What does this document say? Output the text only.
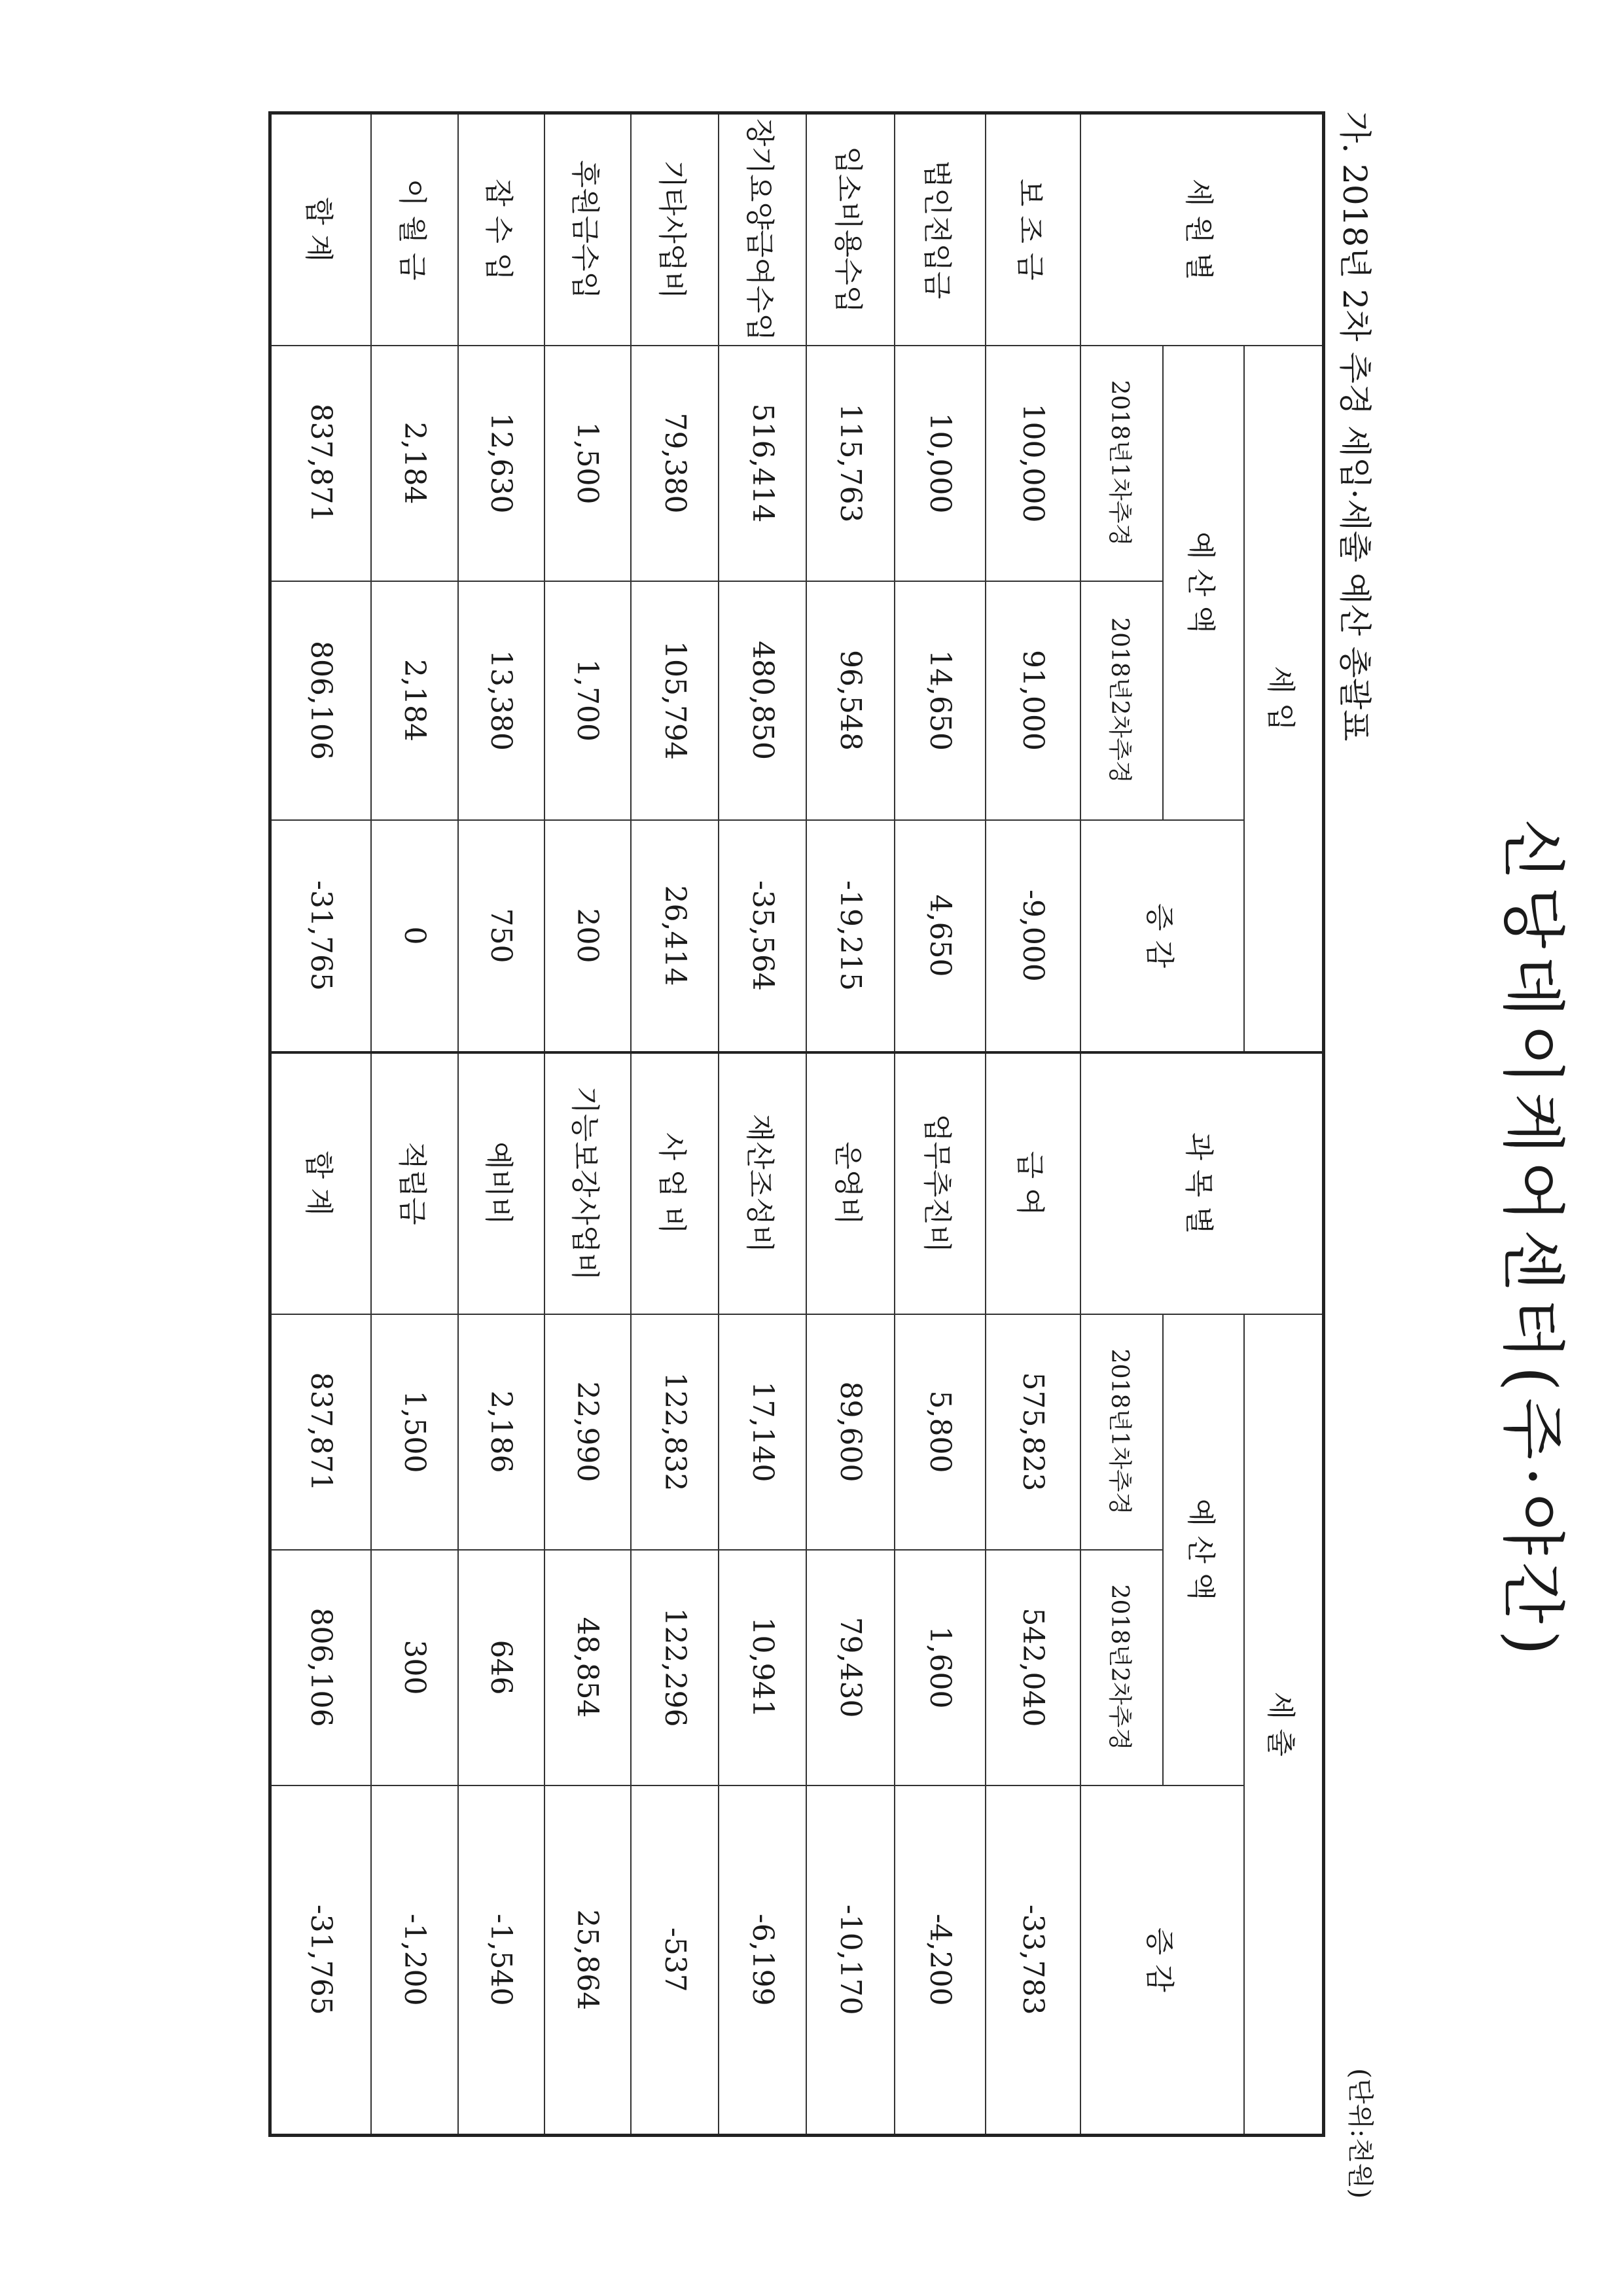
신당데이케어센터(주·야간)
가. 2018년 2차 추경 세입·세출 예산 총괄표
(단위:천원)
세 원 별	세 입			과 목 별	세 출		
	예 산 액		증 감		예 산 액		증 감
	2018년1차추경	2018년2차추경			2018년1차추경	2018년2차추경	
보 조 금	100,000	91,000	-9,000	급 여	575,823	542,040	-33,783
법인전입금	10,000	14,650	4,650	업무추진비	5,800	1,600	-4,200
입소비용수입	115,763	96,548	-19,215	운영비	89,600	79,430	-10,170
장기요양급여수입	516,414	480,850	-35,564	재산조성비	17,140	10,941	-6,199
기타사업비	79,380	105,794	26,414	사 업 비	122,832	122,296	-537
후원금수입	1,500	1,700	200	기능보강사업비	22,990	48,854	25,864
잡 수 입	12,630	13,380	750	예비비	2,186	646	-1,540
이 월 금	2,184	2,184	0	적립금	1,500	300	-1,200
합 계	837,871	806,106	-31,765	합 계	837,871	806,106	-31,765
